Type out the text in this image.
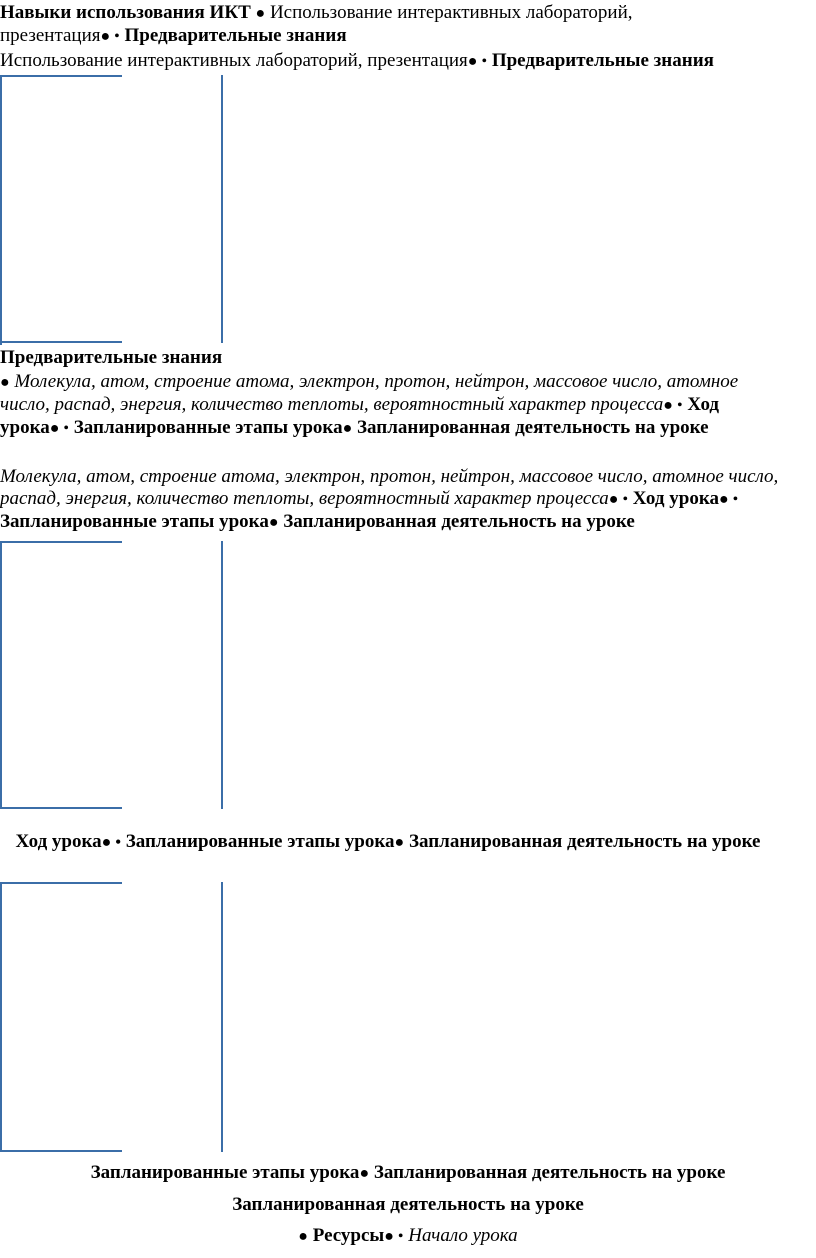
Навыки использования ИКТ ● Использование интерактивных лабораторий, презентация● • Предварительные знания

Использование интерактивных лабораторий, презентация● • Предварительные знания

Предварительные знания

● Молекула, атом, строение атома, электрон, протон, нейтрон, массовое число, атомное число, распад, энергия, количество теплоты, вероятностный характер процесса● • Ход урока● • Запланированные этапы урока● Запланированная деятельность на уроке

Молекула, атом, строение атома, электрон, протон, нейтрон, массовое число, атомное число, распад, энергия, количество теплоты, вероятностный характер процесса● • Ход урока● • Запланированные этапы урока● Запланированная деятельность на уроке

Ход урока● • Запланированные этапы урока● Запланированная деятельность на уроке

Запланированные этапы урока● Запланированная деятельность на уроке

Запланированная деятельность на уроке

● Ресурсы● • Начало урока
